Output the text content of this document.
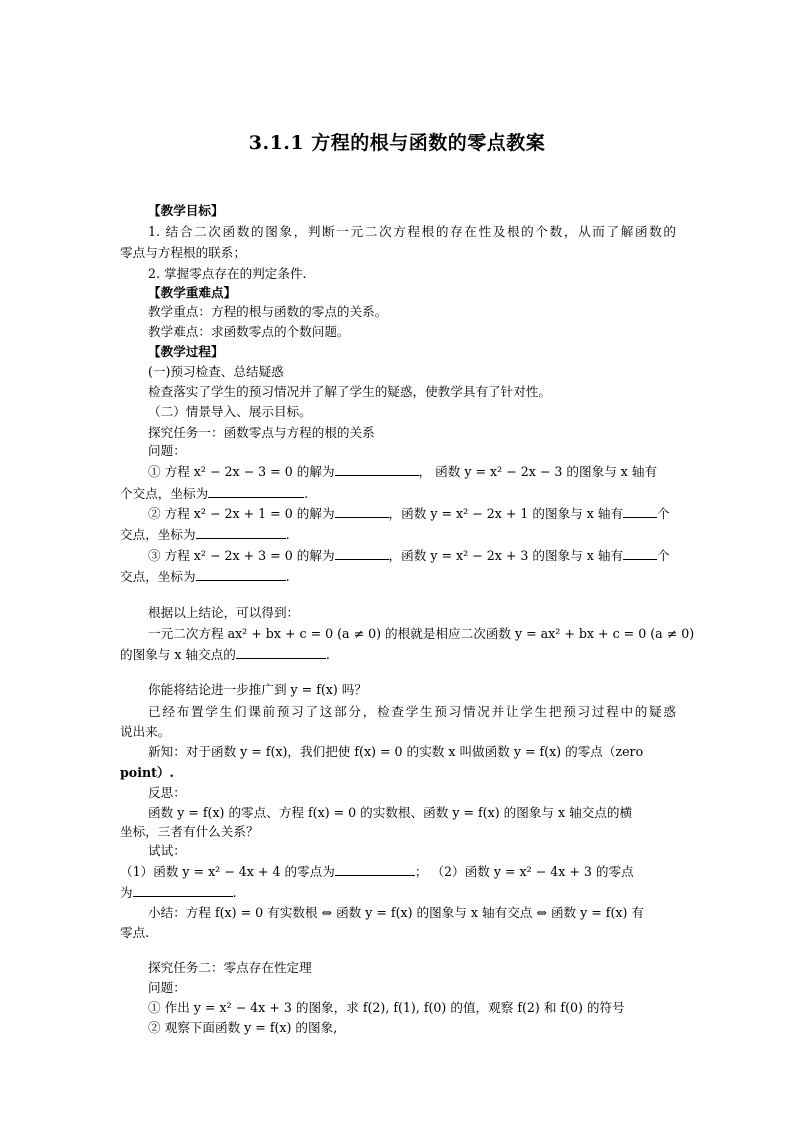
3.1.1 方程的根与函数的零点教案
【教学目标】
1. 结合二次函数的图象，判断一元二次方程根的存在性及根的个数，从而了解函数的
零点与方程根的联系；
2. 掌握零点存在的判定条件.
【教学重难点】
教学重点：方程的根与函数的零点的关系。
教学难点：求函数零点的个数问题。
【教学过程】
(一)预习检查、总结疑惑
检查落实了学生的预习情况并了解了学生的疑惑，使教学具有了针对性。
（二）情景导入、展示目标。
探究任务一：函数零点与方程的根的关系
问题：
① 方程 x² − 2x − 3 = 0 的解为	， 函数 y = x² − 2x − 3 的图象与 x 轴有
个交点，坐标为	.
② 方程 x² − 2x + 1 = 0 的解为	，函数 y = x² − 2x + 1 的图象与 x 轴有	个
交点，坐标为	.
③ 方程 x² − 2x + 3 = 0 的解为	，函数 y = x² − 2x + 3 的图象与 x 轴有	个
交点，坐标为	.
根据以上结论，可以得到：
一元二次方程 ax² + bx + c = 0 (a ≠ 0) 的根就是相应二次函数 y = ax² + bx + c = 0 (a ≠ 0)
的图象与 x 轴交点的	.
你能将结论进一步推广到 y = f(x) 吗？
已经布置学生们课前预习了这部分，检查学生预习情况并让学生把预习过程中的疑惑
说出来。
新知：对于函数 y = f(x)，我们把使 f(x) = 0 的实数 x 叫做函数 y = f(x) 的零点（zero
point）.
反思：
函数 y = f(x) 的零点、方程 f(x) = 0 的实数根、函数 y = f(x) 的图象与 x 轴交点的横
坐标，三者有什么关系？
试试：
（1）函数 y = x² − 4x + 4 的零点为	； （2）函数 y = x² − 4x + 3 的零点
为	.
小结：方程 f(x) = 0 有实数根 ⇔ 函数 y = f(x) 的图象与 x 轴有交点 ⇔ 函数 y = f(x) 有
零点.
探究任务二：零点存在性定理
问题：
① 作出 y = x² − 4x + 3 的图象，求 f(2), f(1), f(0) 的值，观察 f(2) 和 f(0) 的符号
② 观察下面函数 y = f(x) 的图象,
